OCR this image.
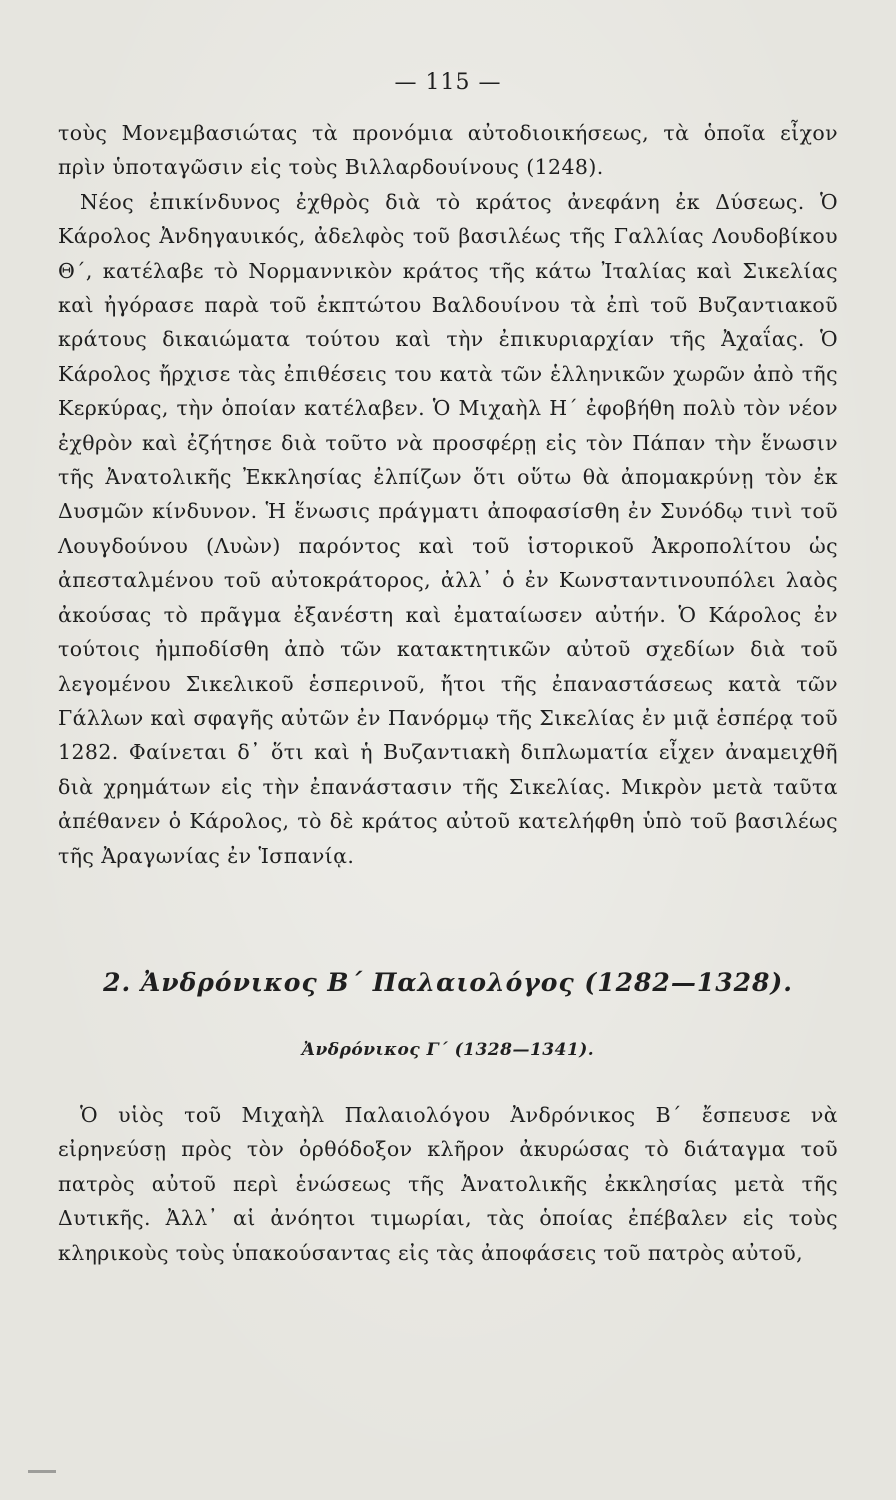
— 115 —

τοὺς Μονεμβασιώτας τὰ προνόμια αὐτοδιοικήσεως, τὰ ὁποῖα εἶχον πρὶν ὑποταγῶσιν εἰς τοὺς Βιλλαρδουίνους (1248).

Νέος ἐπικίνδυνος ἐχθρὸς διὰ τὸ κράτος ἀνεφάνη ἐκ Δύσεως. Ὁ Κάρολος Ἀνδηγαυικός, ἀδελφὸς τοῦ βασιλέως τῆς Γαλλίας Λουδοβίκου Θ΄, κατέλαβε τὸ Νορμαννικὸν κράτος τῆς κάτω Ἰταλίας καὶ Σικελίας καὶ ἠγόρασε παρὰ τοῦ ἐκπτώτου Βαλδουίνου τὰ ἐπὶ τοῦ Βυζαντιακοῦ κράτους δικαιώματα τούτου καὶ τὴν ἐπικυριαρχίαν τῆς Ἀχαΐας. Ὁ Κάρολος ἤρχισε τὰς ἐπιθέσεις του κατὰ τῶν ἑλληνικῶν χωρῶν ἀπὸ τῆς Κερκύρας, τὴν ὁποίαν κατέλαβεν. Ὁ Μιχαὴλ Η΄ ἐφοβήθη πολὺ τὸν νέον ἐχθρὸν καὶ ἐζήτησε διὰ τοῦτο νὰ προσφέρῃ εἰς τὸν Πάπαν τὴν ἕνωσιν τῆς Ἀνατολικῆς Ἐκκλησίας ἐλπίζων ὅτι οὕτω θὰ ἀπομακρύνῃ τὸν ἐκ Δυσμῶν κίνδυνον. Ἡ ἕνωσις πράγματι ἀποφασίσθη ἐν Συνόδῳ τινὶ τοῦ Λουγδούνου (Λυὼν) παρόντος καὶ τοῦ ἱστορικοῦ Ἀκροπολίτου ὡς ἀπεσταλμένου τοῦ αὐτοκράτορος, ἀλλ᾿ ὁ ἐν Κωνσταντινουπόλει λαὸς ἀκούσας τὸ πρᾶγμα ἐξανέστη καὶ ἐματαίωσεν αὐτήν. Ὁ Κάρολος ἐν τούτοις ἠμποδίσθη ἀπὸ τῶν κατακτητικῶν αὐτοῦ σχεδίων διὰ τοῦ λεγομένου Σικελικοῦ ἑσπερινοῦ, ἤτοι τῆς ἐπαναστάσεως κατὰ τῶν Γάλλων καὶ σφαγῆς αὐτῶν ἐν Πανόρμῳ τῆς Σικελίας ἐν μιᾷ ἑσπέρᾳ τοῦ 1282. Φαίνεται δ᾿ ὅτι καὶ ἡ Βυζαντιακὴ διπλωματία εἶχεν ἀναμειχθῆ διὰ χρημάτων εἰς τὴν ἐπανάστασιν τῆς Σικελίας. Μικρὸν μετὰ ταῦτα ἀπέθανεν ὁ Κάρολος, τὸ δὲ κράτος αὐτοῦ κατελήφθη ὑπὸ τοῦ βασιλέως τῆς Ἀραγωνίας ἐν Ἱσπανίᾳ.

2. Ἀνδρόνικος Β΄ Παλαιολόγος (1282—1328).
Ἀνδρόνικος Γ΄ (1328—1341).

Ὁ υἱὸς τοῦ Μιχαὴλ Παλαιολόγου Ἀνδρόνικος Β΄ ἔσπευσε νὰ εἰρηνεύσῃ πρὸς τὸν ὀρθόδοξον κλῆρον ἀκυρώσας τὸ διάταγμα τοῦ πατρὸς αὐτοῦ περὶ ἑνώσεως τῆς Ἀνατολικῆς ἐκκλησίας μετὰ τῆς Δυτικῆς. Ἀλλ᾿ αἱ ἀνόητοι τιμωρίαι, τὰς ὁποίας ἐπέβαλεν εἰς τοὺς κληρικοὺς τοὺς ὑπακούσαντας εἰς τὰς ἀποφάσεις τοῦ πατρὸς αὐτοῦ,
